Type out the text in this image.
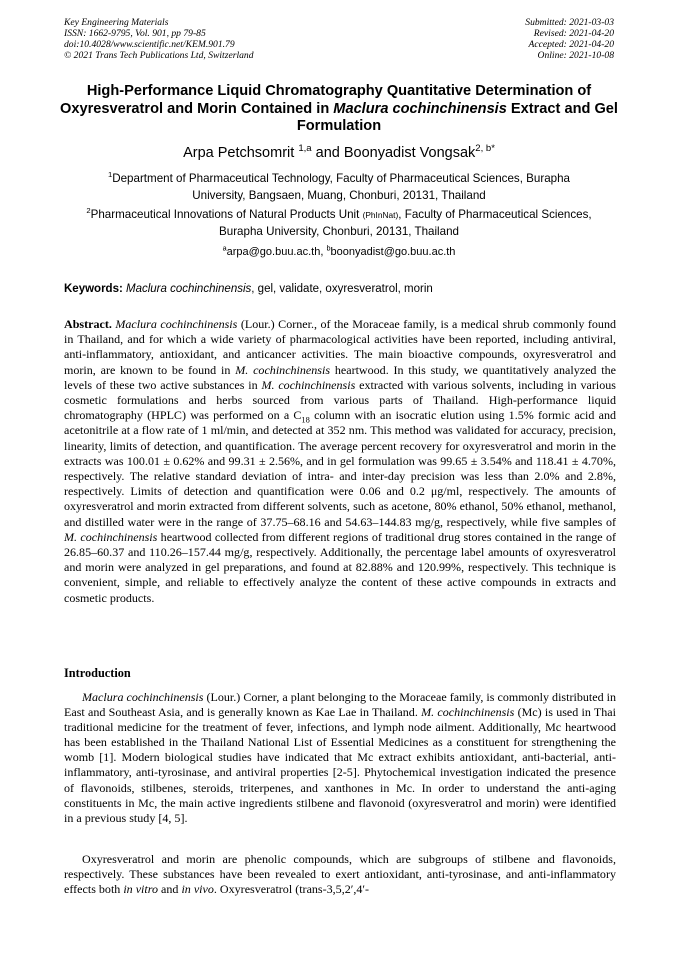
Key Engineering Materials
ISSN: 1662-9795, Vol. 901, pp 79-85
doi:10.4028/www.scientific.net/KEM.901.79
© 2021 Trans Tech Publications Ltd, Switzerland
Submitted: 2021-03-03
Revised: 2021-04-20
Accepted: 2021-04-20
Online: 2021-10-08
High-Performance Liquid Chromatography Quantitative Determination of Oxyresveratrol and Morin Contained in Maclura cochinchinensis Extract and Gel Formulation
Arpa Petchsomrit $^{1,a}$ and Boonyadist Vongsak$^{2, b*}$
$^1$Department of Pharmaceutical Technology, Faculty of Pharmaceutical Sciences, Burapha University, Bangsaen, Muang, Chonburi, 20131, Thailand
$^2$Pharmaceutical Innovations of Natural Products Unit (PhInNat), Faculty of Pharmaceutical Sciences, Burapha University, Chonburi, 20131, Thailand
$^a$arpa@go.buu.ac.th, $^b$boonyadist@go.buu.ac.th
Keywords: Maclura cochinchinensis, gel, validate, oxyresveratrol, morin
Abstract. Maclura cochinchinensis (Lour.) Corner., of the Moraceae family, is a medical shrub commonly found in Thailand, and for which a wide variety of pharmacological activities have been reported, including antiviral, anti-inflammatory, antioxidant, and anticancer activities. The main bioactive compounds, oxyresveratrol and morin, are known to be found in M. cochinchinensis heartwood. In this study, we quantitatively analyzed the levels of these two active substances in M. cochinchinensis extracted with various solvents, including in various cosmetic formulations and herbs sourced from various parts of Thailand. High-performance liquid chromatography (HPLC) was performed on a $C_{18}$ column with an isocratic elution using 1.5% formic acid and acetonitrile at a flow rate of 1 ml/min, and detected at 352 nm. This method was validated for accuracy, precision, linearity, limits of detection, and quantification. The average percent recovery for oxyresveratrol and morin in the extracts was 100.01 ± 0.62% and 99.31 ± 2.56%, and in gel formulation was 99.65 ± 3.54% and 118.41 ± 4.70%, respectively. The relative standard deviation of intra- and inter-day precision was less than 2.0% and 2.8%, respectively. Limits of detection and quantification were 0.06 and 0.2 μg/ml, respectively. The amounts of oxyresveratrol and morin extracted from different solvents, such as acetone, 80% ethanol, 50% ethanol, methanol, and distilled water were in the range of 37.75–68.16 and 54.63–144.83 mg/g, respectively, while five samples of M. cochinchinensis heartwood collected from different regions of traditional drug stores contained in the range of 26.85–60.37 and 110.26–157.44 mg/g, respectively. Additionally, the percentage label amounts of oxyresveratrol and morin were analyzed in gel preparations, and found at 82.88% and 120.99%, respectively. This technique is convenient, simple, and reliable to effectively analyze the content of these active compounds in extracts and cosmetic products.
Introduction
Maclura cochinchinensis (Lour.) Corner, a plant belonging to the Moraceae family, is commonly distributed in East and Southeast Asia, and is generally known as Kae Lae in Thailand. M. cochinchinensis (Mc) is used in Thai traditional medicine for the treatment of fever, infections, and lymph node ailment. Additionally, Mc heartwood has been established in the Thailand National List of Essential Medicines as a constituent for strengthening the womb [1]. Modern biological studies have indicated that Mc extract exhibits antioxidant, anti-bacterial, anti-inflammatory, anti-tyrosinase, and antiviral properties [2-5]. Phytochemical investigation indicated the presence of flavonoids, stilbenes, steroids, triterpenes, and xanthones in Mc. In order to understand the anti-aging constituents in Mc, the main active ingredients stilbene and flavonoid (oxyresveratrol and morin) were identified in a previous study [4, 5].
Oxyresveratrol and morin are phenolic compounds, which are subgroups of stilbene and flavonoids, respectively. These substances have been revealed to exert antioxidant, anti-tyrosinase, and anti-inflammatory effects both in vitro and in vivo. Oxyresveratrol (trans-3,5,2′,4′-
